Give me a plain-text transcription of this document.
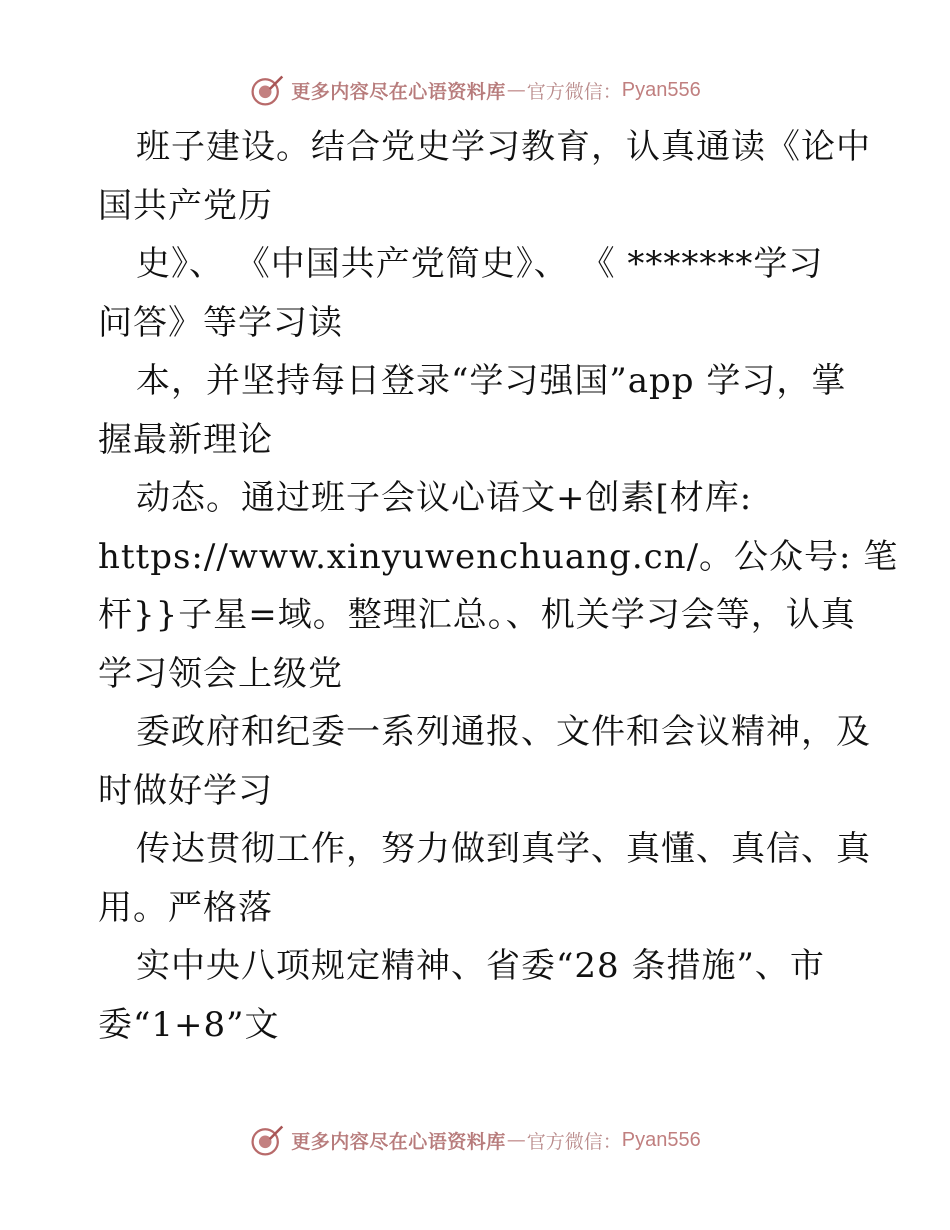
更多内容尽在心语资料库 — 官方微信： Pyan556
班子建设。结合党史学习教育，认真通读《论中
国共产党历
史》、 《中国共产党简史》、 《 *******学习
问答》等学习读
本，并坚持每日登录“学习强国”app 学习，掌
握最新理论
动态。通过班子会议心语文+创素[材库:
https://www.xinyuwenchuang.cn/。公众号: 笔
杆}}子星=域。整理汇总。、机关学习会等，认真
学习领会上级党
委政府和纪委一系列通报、文件和会议精神，及
时做好学习
传达贯彻工作，努力做到真学、真懂、真信、真
用。严格落
实中央八项规定精神、省委“28 条措施”、市
委“1+8”文
更多内容尽在心语资料库 — 官方微信： Pyan556
